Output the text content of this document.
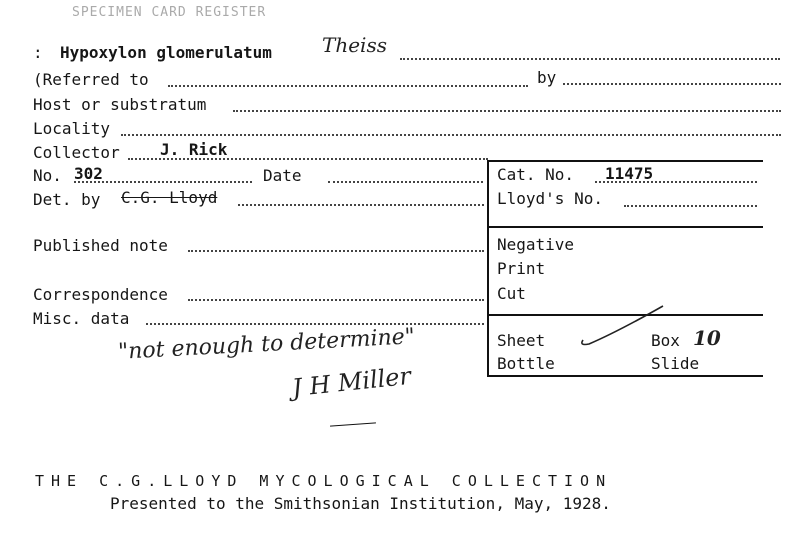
SPECIMEN CARD REGISTER
: Hypoxylon glomerulatum	Theiss
(Referred to	by
Host or substratum
Locality
Collector	J. Rick
No. 302	Date
Det. by C.G. Lloyd
Published note
Correspondence
Misc. data
"not enough to determine"
J H Miller
Cat. No. 11475
Lloyd's No.
Negative
Print
Cut
Sheet	Box 10
Bottle	Slide
THE C.G.LLOYD MYCOLOGICAL COLLECTION
Presented to the Smithsonian Institution, May, 1928.
